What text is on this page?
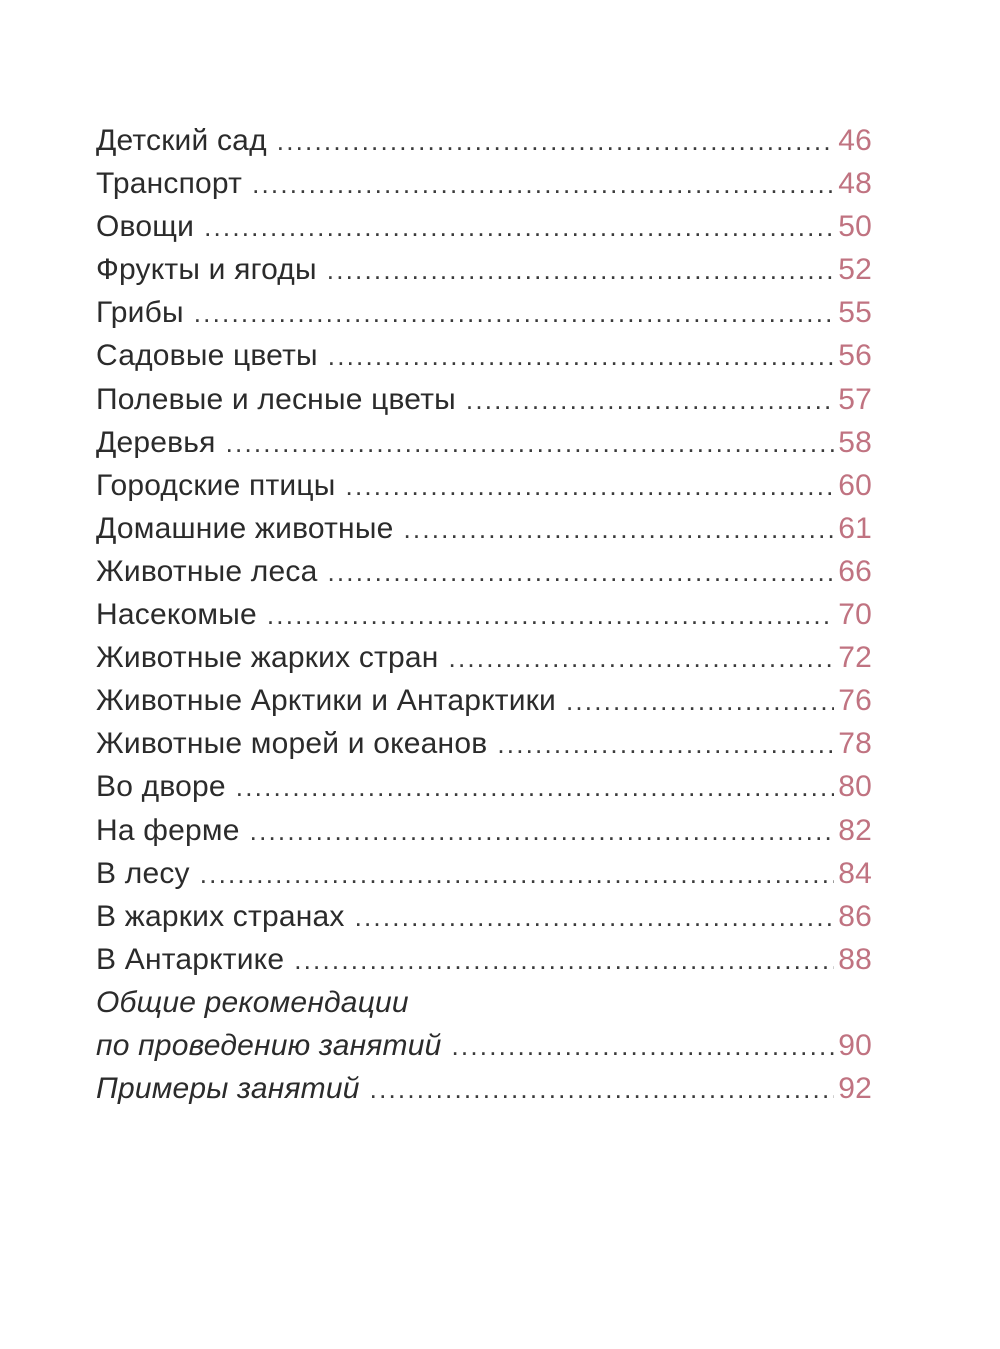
Детский сад .....	46
Транспорт .....	48
Овощи .....	50
Фрукты и ягоды .....	52
Грибы .....	55
Садовые цветы .....	56
Полевые и лесные цветы .....	57
Деревья .....	58
Городские птицы .....	60
Домашние животные .....	61
Животные леса .....	66
Насекомые .....	70
Животные жарких стран .....	72
Животные Арктики и Антарктики .....	76
Животные морей и океанов .....	78
Во дворе .....	80
На ферме .....	82
В лесу .....	84
В жарких странах .....	86
В Антарктике .....	88
Общие рекомендации
по проведению занятий .....	90
Примеры занятий .....	92
